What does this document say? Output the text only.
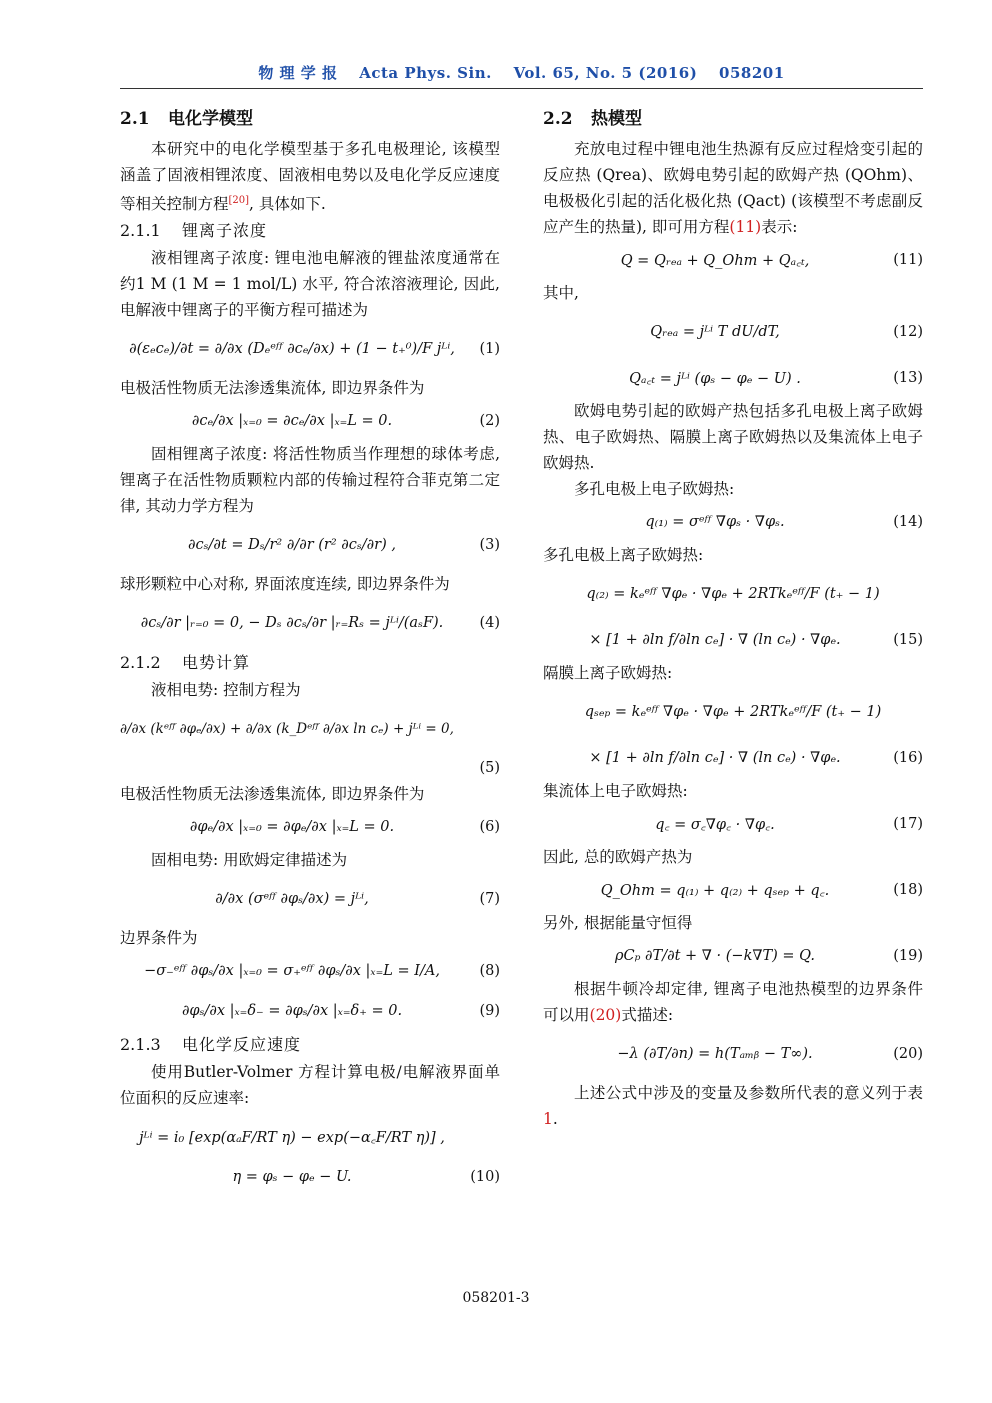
物 理 学 报 Acta Phys. Sin. Vol. 65, No. 5 (2016) 058201
2.1 电化学模型

本研究中的电化学模型基于多孔电极理论, 该模型涵盖了固液相锂浓度、固液相电势以及电化学反应速度等相关控制方程[20], 具体如下.

2.1.1 锂离子浓度

液相锂离子浓度: 锂电池电解液的锂盐浓度通常在约1 M (1 M = 1 mol/L) 水平, 符合浓溶液理论, 因此, 电解液中锂离子的平衡方程可描述为

∂(εₑcₑ)/∂t = ∂/∂x (Dₑᵉᶠᶠ ∂cₑ/∂x) + (1 − t₊⁰)/F jᴸⁱ,	(1)

电极活性物质无法渗透集流体, 即边界条件为

∂cₑ/∂x |ₓ₌₀ = ∂cₑ/∂x |ₓ₌L = 0.	(2)

固相锂离子浓度: 将活性物质当作理想的球体考虑, 锂离子在活性物质颗粒内部的传输过程符合菲克第二定律, 其动力学方程为

∂cₛ/∂t = Dₛ/r² ∂/∂r (r² ∂cₛ/∂r) ,	(3)

球形颗粒中心对称, 界面浓度连续, 即边界条件为

∂cₛ/∂r |ᵣ₌₀ = 0, − Dₛ ∂cₛ/∂r |ᵣ₌Rₛ = jᴸⁱ/(aₛF).	(4)
2.1.2 电势计算

液相电势: 控制方程为

∂/∂x (kᵉᶠᶠ ∂φₑ/∂x) + ∂/∂x (k_Dᵉᶠᶠ ∂/∂x ln cₑ) + jᴸⁱ = 0,
(5)

电极活性物质无法渗透集流体, 即边界条件为

∂φₑ/∂x |ₓ₌₀ = ∂φₑ/∂x |ₓ₌L = 0.	(6)

固相电势: 用欧姆定律描述为

∂/∂x (σᵉᶠᶠ ∂φₛ/∂x) = jᴸⁱ,	(7)

边界条件为

−σ₋ᵉᶠᶠ ∂φₛ/∂x |ₓ₌₀ = σ₊ᵉᶠᶠ ∂φₛ/∂x |ₓ₌L = I/A,	(8)
∂φₛ/∂x |ₓ₌δ₋ = ∂φₛ/∂x |ₓ₌δ₊ = 0.	(9)
2.1.3 电化学反应速度

使用Butler-Volmer 方程计算电极/电解液界面单位面积的反应速率:

jᴸⁱ = i₀ [exp(αₐF/RT η) − exp(−α꜀F/RT η)] ,
η = φₛ − φₑ − U.	(10)
2.2 热模型

充放电过程中锂电池生热源有反应过程焓变引起的反应热 (Qrea)、欧姆电势引起的欧姆产热 (QOhm)、电极极化引起的活化极化热 (Qact) (该模型不考虑副反应产生的热量), 即可用方程(11)表示:

Q = Qᵣₑₐ + Q_Ohm + Qₐ꜀ₜ,	(11)

其中,

Qᵣₑₐ = jᴸⁱ T dU/dT,	(12)
Qₐ꜀ₜ = jᴸⁱ (φₛ − φₑ − U) .	(13)

欧姆电势引起的欧姆产热包括多孔电极上离子欧姆热、电子欧姆热、隔膜上离子欧姆热以及集流体上电子欧姆热.

多孔电极上电子欧姆热:

q₍₁₎ = σᵉᶠᶠ ∇φₛ · ∇φₛ.	(14)

多孔电极上离子欧姆热:

q₍₂₎ = kₑᵉᶠᶠ ∇φₑ · ∇φₑ + 2RTkₑᵉᶠᶠ/F (t₊ − 1)
× [1 + ∂ln f/∂ln cₑ] · ∇ (ln cₑ) · ∇φₑ.	(15)

隔膜上离子欧姆热:

qₛₑₚ = kₑᵉᶠᶠ ∇φₑ · ∇φₑ + 2RTkₑᵉᶠᶠ/F (t₊ − 1)
× [1 + ∂ln f/∂ln cₑ] · ∇ (ln cₑ) · ∇φₑ.	(16)

集流体上电子欧姆热:

q꜀ = σ꜀∇φ꜀ · ∇φ꜀.	(17)

因此, 总的欧姆产热为

Q_Ohm = q₍₁₎ + q₍₂₎ + qₛₑₚ + q꜀.	(18)

另外, 根据能量守恒得

ρCₚ ∂T/∂t + ∇ · (−k∇T) = Q.	(19)

根据牛顿冷却定律, 锂离子电池热模型的边界条件可以用(20)式描述:

−λ (∂T/∂n) = h(Tₐₘᵦ − T∞).	(20)

上述公式中涉及的变量及参数所代表的意义列于表1.

058201-3
